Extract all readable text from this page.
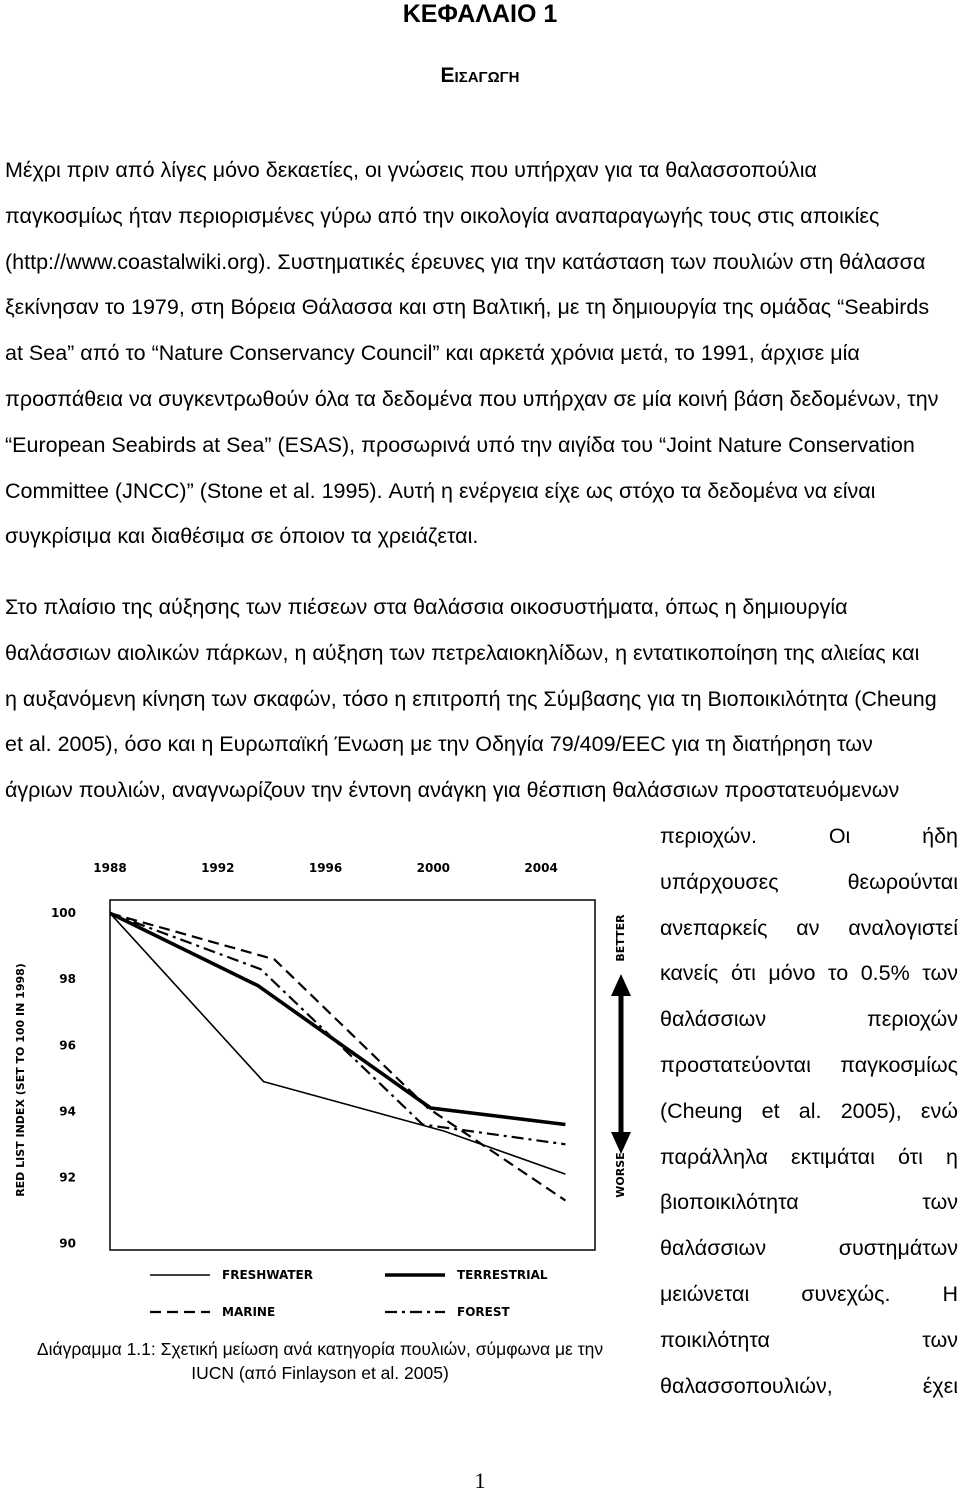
ΚΕΦΑΛΑΙΟ 1
Εισαγωγη
Μέχρι πριν από λίγες μόνο δεκαετίες, οι γνώσεις που υπήρχαν για τα θαλασσοπούλια
παγκοσμίως ήταν περιορισμένες γύρω από την οικολογία αναπαραγωγής τους στις αποικίες
(http://www.coastalwiki.org). Συστηματικές έρευνες για την κατάσταση των πουλιών στη θάλασσα
ξεκίνησαν το 1979, στη Βόρεια Θάλασσα και στη Βαλτική, με τη δημιουργία της ομάδας “Seabirds
at Sea” από το “Nature Conservancy Council” και αρκετά χρόνια μετά, το 1991, άρχισε μία
προσπάθεια να συγκεντρωθούν όλα τα δεδομένα που υπήρχαν σε μία κοινή βάση δεδομένων, την
“European Seabirds at Sea” (ESAS), προσωρινά υπό την αιγίδα του “Joint Nature Conservation
Committee (JNCC)” (Stone et al. 1995). Αυτή η ενέργεια είχε ως στόχο τα δεδομένα να είναι
συγκρίσιμα και διαθέσιμα σε όποιον τα χρειάζεται.
Στο πλαίσιο της αύξησης των πιέσεων στα θαλάσσια οικοσυστήματα, όπως η δημιουργία
θαλάσσιων αιολικών πάρκων, η αύξηση των πετρελαιοκηλίδων, η εντατικοποίηση της αλιείας και
η αυξανόμενη κίνηση των σκαφών, τόσο η επιτροπή της Σύμβασης για τη Βιοποικιλότητα (Cheung
et al. 2005), όσο και η Ευρωπαϊκή Ένωση με την Οδηγία 79/409/EEC για τη διατήρηση των
άγριων πουλιών, αναγνωρίζουν την έντονη ανάγκη για θέσπιση θαλάσσιων προστατευόμενων
περιοχών. Οι ήδη
υπάρχουσες θεωρούνται
ανεπαρκείς αν αναλογιστεί
κανείς ότι μόνο το 0.5% των
θαλάσσιων περιοχών
προστατεύονται παγκοσμίως
(Cheung et al. 2005), ενώ
παράλληλα εκτιμάται ότι η
βιοποικιλότητα των
θαλάσσιων συστημάτων
μειώνεται συνεχώς. Η
ποικιλότητα των
θαλασσοπουλιών, έχει
1988	1992	1996	2000	2004
100
98
96
94
92
90
RED LIST INDEX (SET TO 100 IN 1998)
BETTER
WORSE
FRESHWATER	TERRESTRIAL
MARINE	FOREST
Διάγραμμα 1.1: Σχετική μείωση ανά κατηγορία πουλιών, σύμφωνα με την
IUCN (από Finlayson et al. 2005)
1
